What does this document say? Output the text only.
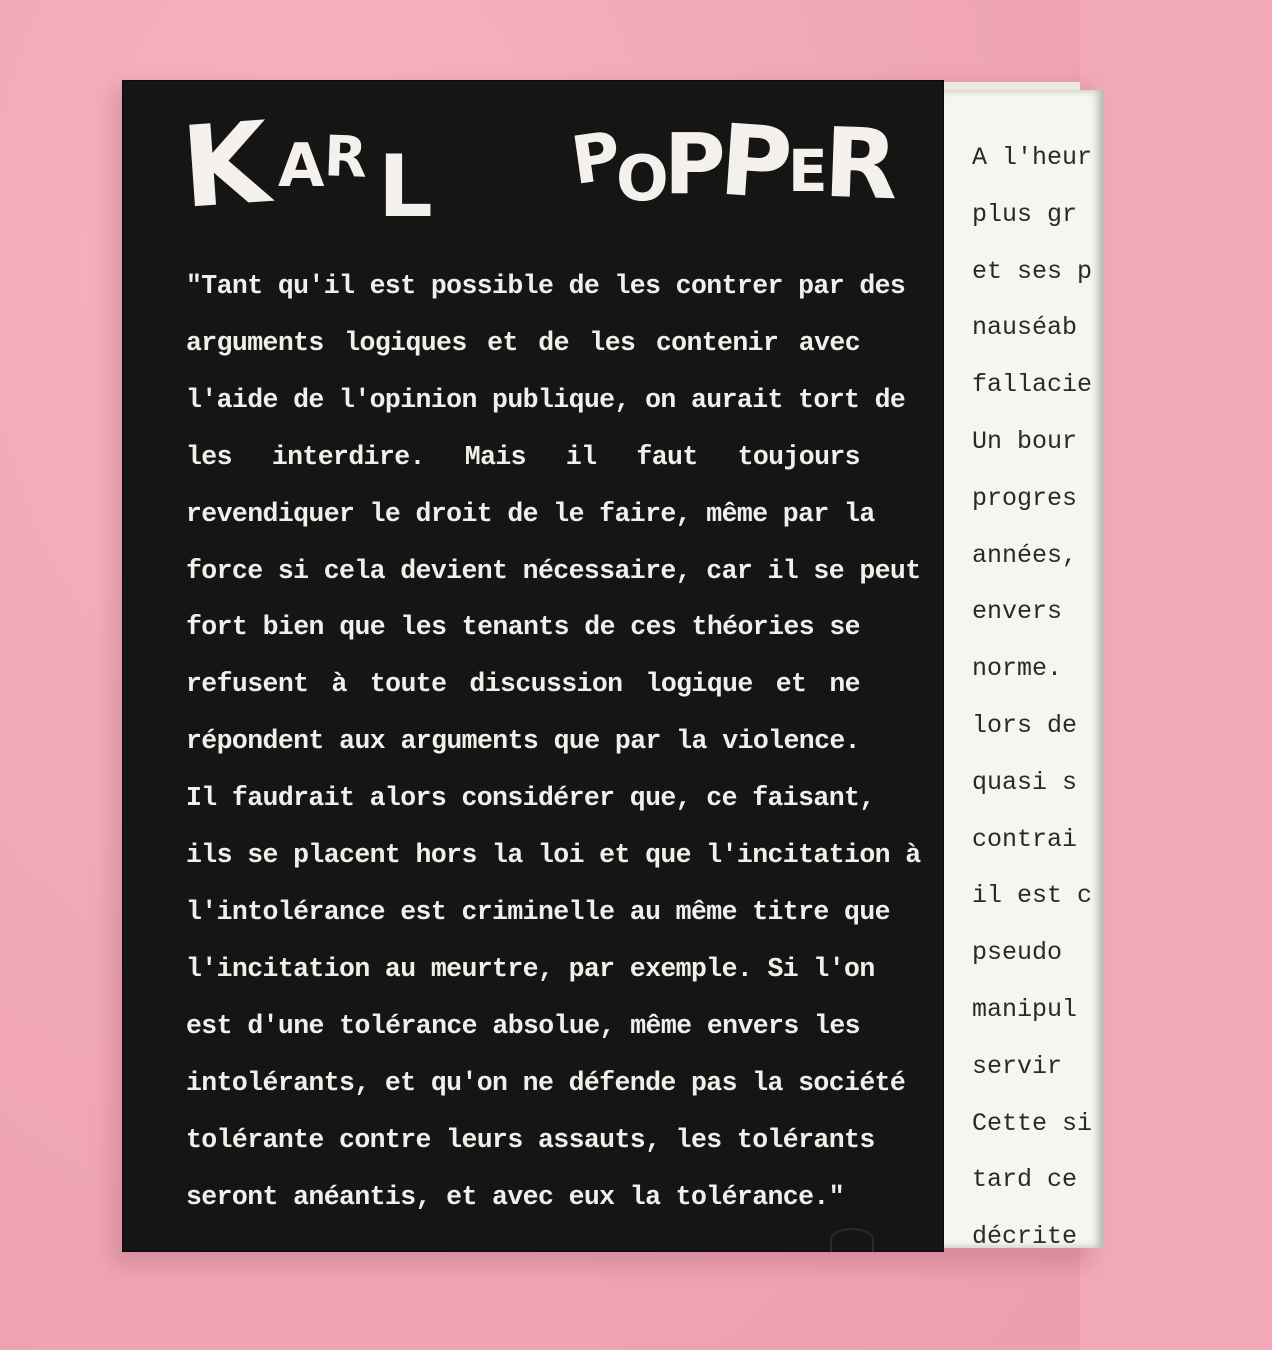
A l'heur
plus gr
et ses p
nauséab
fallacie
Un bour
progres
années,
envers
norme.
lors de
quasi s
contrai
il est c
pseudo
manipul
servir
Cette si
tard ce
décrite
K A
R L P
O
P
P
E
R
"Tant qu'il est possible de les contrer par des
arguments logiques et de les contenir avec
l'aide de l'opinion publique, on aurait tort de
les interdire. Mais il faut toujours
revendiquer le droit de le faire, même par la
force si cela devient nécessaire, car il se peut
fort bien que les tenants de ces théories se
refusent à toute discussion logique et ne
répondent aux arguments que par la violence.
Il faudrait alors considérer que, ce faisant,
ils se placent hors la loi et que l'incitation à
l'intolérance est criminelle au même titre que
l'incitation au meurtre, par exemple. Si l'on
est d'une tolérance absolue, même envers les
intolérants, et qu'on ne défende pas la société
tolérante contre leurs assauts, les tolérants
seront anéantis, et avec eux la tolérance."
